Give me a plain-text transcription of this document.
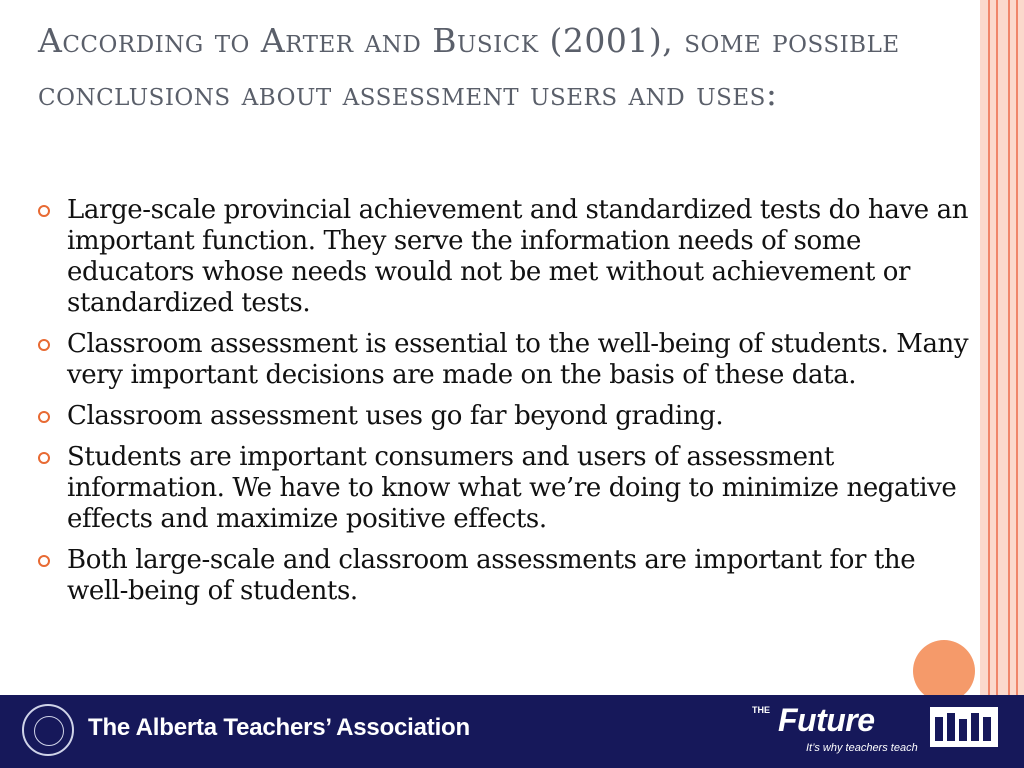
According to Arter and Busick (2001), some possible conclusions about assessment users and uses:
Large-scale provincial achievement and standardized tests do have an important function. They serve the information needs of some educators whose needs would not be met without achievement or standardized tests.
Classroom assessment is essential to the well-being of students. Many very important decisions are made on the basis of these data.
Classroom assessment uses go far beyond grading.
Students are important consumers and users of assessment information. We have to know what we’re doing to minimize negative effects and maximize positive effects.
Both large-scale and classroom assessments are important for the well-being of students.
The Alberta Teachers’ Association
THE Future
It’s why teachers teach
